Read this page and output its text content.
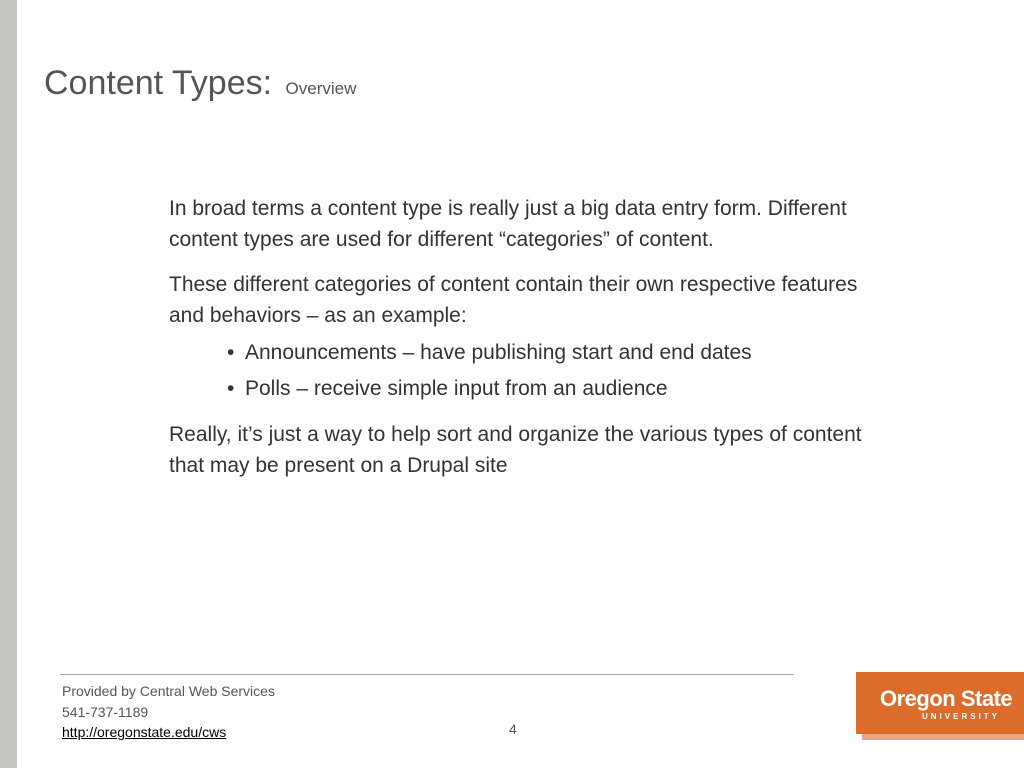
Content Types: Overview

In broad terms a content type is really just a big data entry form. Different content types are used for different “categories” of content.

These different categories of content contain their own respective features and behaviors – as an example:

• Announcements – have publishing start and end dates
• Polls – receive simple input from an audience

Really, it’s just a way to help sort and organize the various types of content that may be present on a Drupal site

Provided by Central Web Services
541-737-1189
http://oregonstate.edu/cws	4
Oregon State
UNIVERSITY
